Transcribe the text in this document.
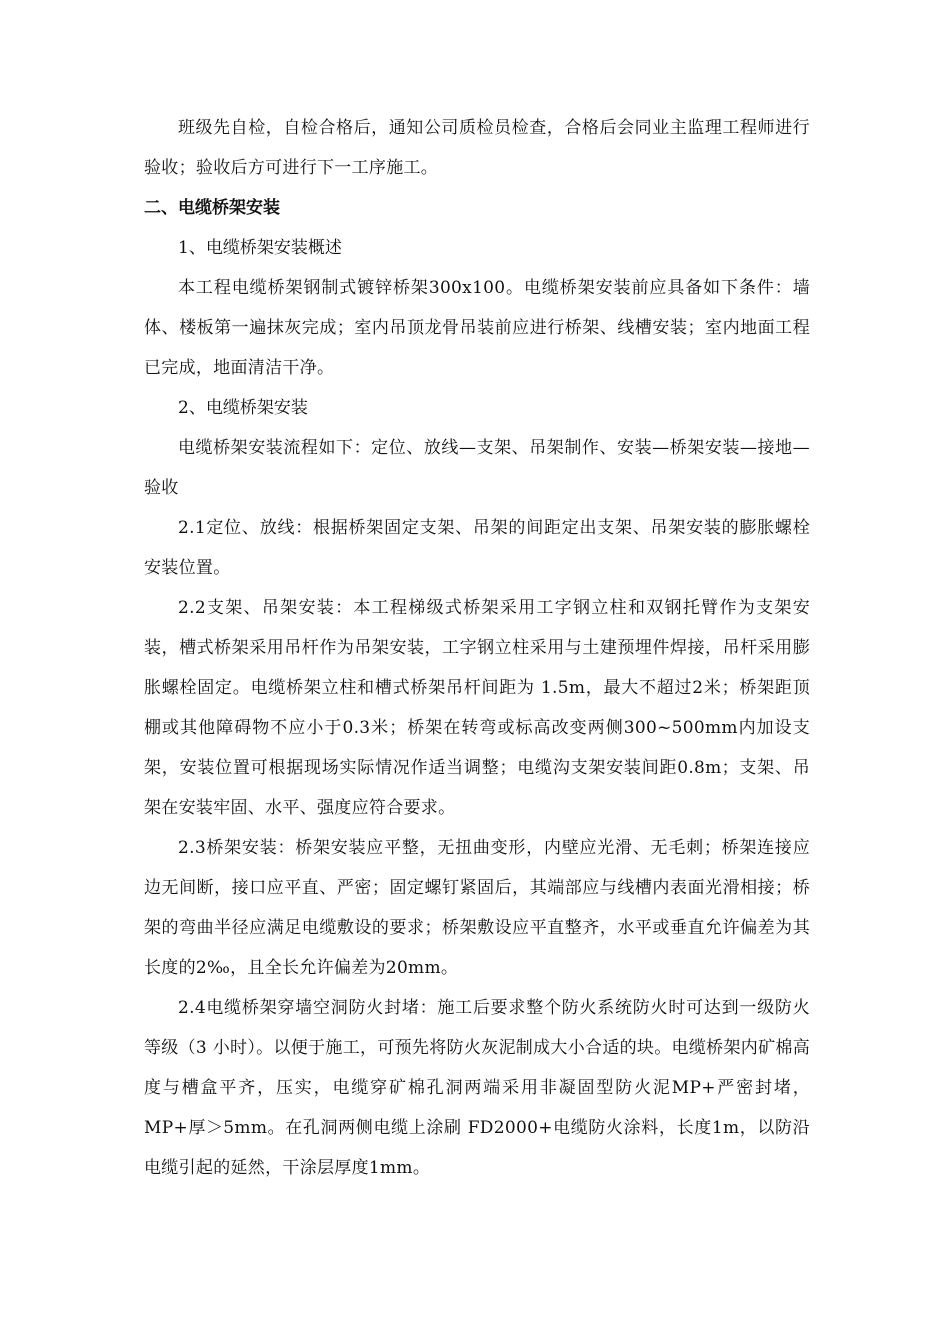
班级先自检，自检合格后，通知公司质检员检查，合格后会同业主监理工程师进行验收；验收后方可进行下一工序施工。

二、电缆桥架安装

1、电缆桥架安装概述

本工程电缆桥架钢制式镀锌桥架300x100。电缆桥架安装前应具备如下条件：墙体、楼板第一遍抹灰完成；室内吊顶龙骨吊装前应进行桥架、线槽安装；室内地面工程已完成，地面清洁干净。

2、电缆桥架安装

电缆桥架安装流程如下：定位、放线—支架、吊架制作、安装—桥架安装—接地—验收

2.1定位、放线：根据桥架固定支架、吊架的间距定出支架、吊架安装的膨胀螺栓安装位置。

2.2支架、吊架安装：本工程梯级式桥架采用工字钢立柱和双钢托臂作为支架安装，槽式桥架采用吊杆作为吊架安装，工字钢立柱采用与土建预埋件焊接，吊杆采用膨胀螺栓固定。电缆桥架立柱和槽式桥架吊杆间距为 1.5m，最大不超过2米；桥架距顶棚或其他障碍物不应小于0.3米；桥架在转弯或标高改变两侧300~500mm内加设支架，安装位置可根据现场实际情况作适当调整；电缆沟支架安装间距0.8m；支架、吊架在安装牢固、水平、强度应符合要求。

2.3桥架安装：桥架安装应平整，无扭曲变形，内壁应光滑、无毛刺；桥架连接应边无间断，接口应平直、严密；固定螺钉紧固后，其端部应与线槽内表面光滑相接；桥架的弯曲半径应满足电缆敷设的要求；桥架敷设应平直整齐，水平或垂直允许偏差为其长度的2‰，且全长允许偏差为20mm。

2.4电缆桥架穿墙空洞防火封堵：施工后要求整个防火系统防火时可达到一级防火等级（3 小时）。以便于施工，可预先将防火灰泥制成大小合适的块。电缆桥架内矿棉高度与槽盒平齐，压实，电缆穿矿棉孔洞两端采用非凝固型防火泥MP+严密封堵，MP+厚＞5mm。在孔洞两侧电缆上涂刷 FD2000+电缆防火涂料，长度1m，以防沿电缆引起的延然，干涂层厚度1mm。
